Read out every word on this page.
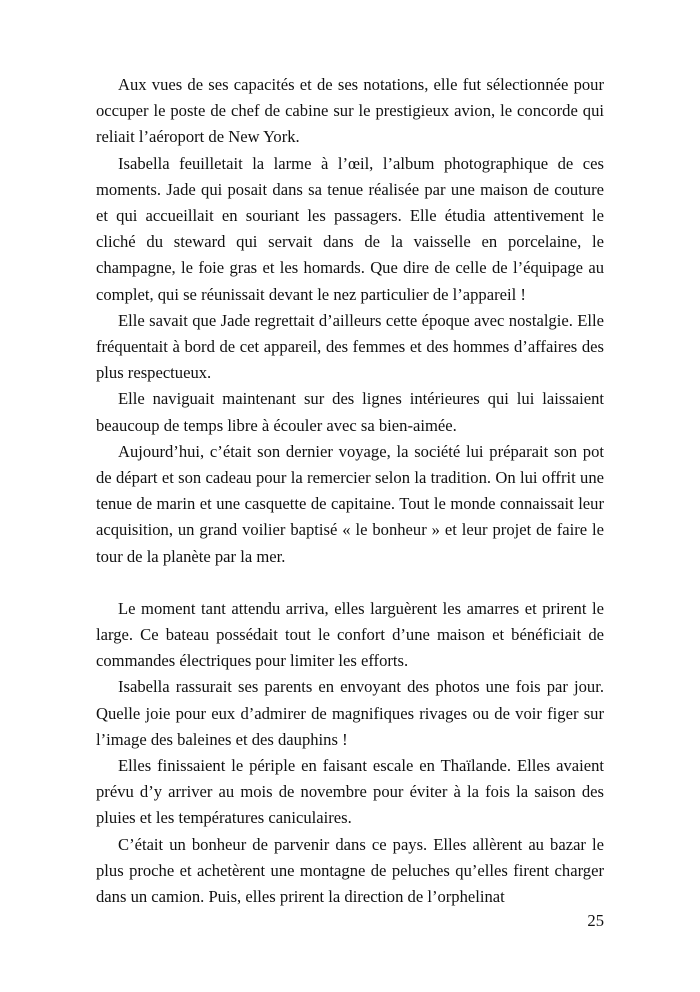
Aux vues de ses capacités et de ses notations, elle fut sélectionnée pour occuper le poste de chef de cabine sur le prestigieux avion, le concorde qui reliait l’aéroport de New York.

Isabella feuilletait la larme à l’œil, l’album photographique de ces moments. Jade qui posait dans sa tenue réalisée par une maison de couture et qui accueillait en souriant les passagers. Elle étudia attentivement le cliché du steward qui servait dans de la vaisselle en porcelaine, le champagne, le foie gras et les homards. Que dire de celle de l’équipage au complet, qui se réunissait devant le nez particulier de l’appareil !

Elle savait que Jade regrettait d’ailleurs cette époque avec nostalgie. Elle fréquentait à bord de cet appareil, des femmes et des hommes d’affaires des plus respectueux.

Elle naviguait maintenant sur des lignes intérieures qui lui laissaient beaucoup de temps libre à écouler avec sa bien-aimée.

Aujourd’hui, c’était son dernier voyage, la société lui préparait son pot de départ et son cadeau pour la remercier selon la tradition. On lui offrit une tenue de marin et une casquette de capitaine. Tout le monde connaissait leur acquisition, un grand voilier baptisé « le bonheur » et leur projet de faire le tour de la planète par la mer.

Le moment tant attendu arriva, elles larguèrent les amarres et prirent le large. Ce bateau possédait tout le confort d’une maison et bénéficiait de commandes électriques pour limiter les efforts.

Isabella rassurait ses parents en envoyant des photos une fois par jour. Quelle joie pour eux d’admirer de magnifiques rivages ou de voir figer sur l’image des baleines et des dauphins !

Elles finissaient le périple en faisant escale en Thaïlande. Elles avaient prévu d’y arriver au mois de novembre pour éviter à la fois la saison des pluies et les températures caniculaires.

C’était un bonheur de parvenir dans ce pays. Elles allèrent au bazar le plus proche et achetèrent une montagne de peluches qu’elles firent charger dans un camion. Puis, elles prirent la direction de l’orphelinat

25
